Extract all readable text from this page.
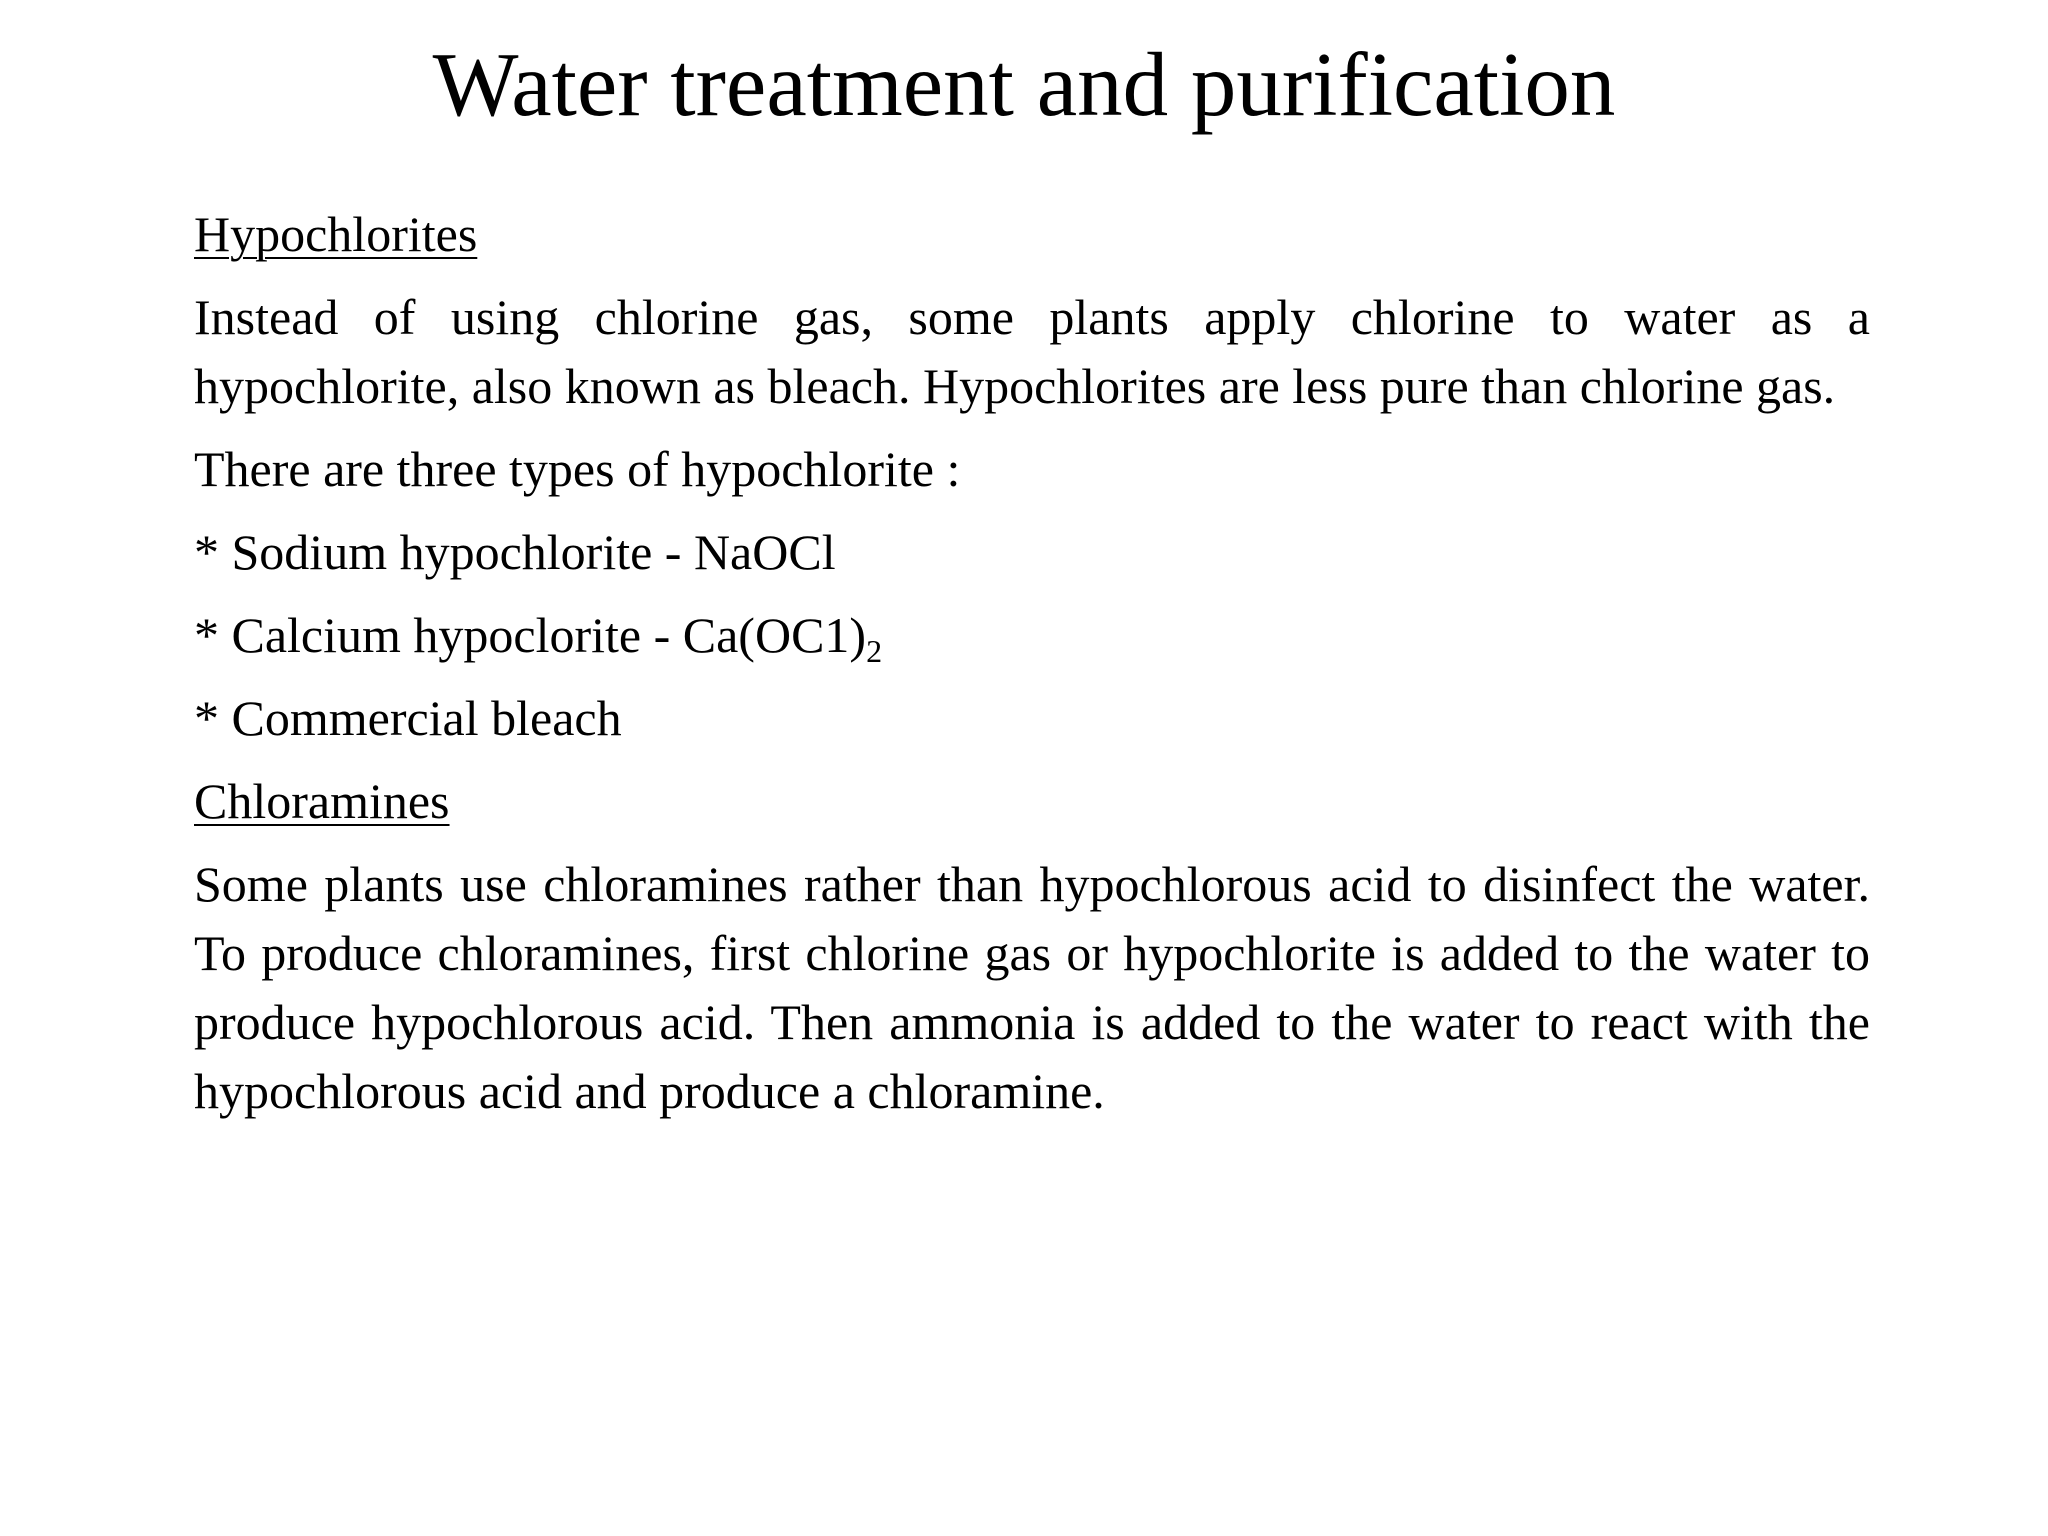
Water treatment and purification

Hypochlorites

Instead of using chlorine gas, some plants apply chlorine to water as a hypochlorite, also known as bleach. Hypochlorites are less pure than chlorine gas.

There are three types of hypochlorite :

* Sodium hypochlorite - NaOCl

* Calcium hypoclorite - $Ca(OC1)_2$

* Commercial bleach

Chloramines

Some plants use chloramines rather than hypochlorous acid to disinfect the water. To produce chloramines, first chlorine gas or hypochlorite is added to the water to produce hypochlorous acid. Then ammonia is added to the water to react with the hypochlorous acid and produce a chloramine.
